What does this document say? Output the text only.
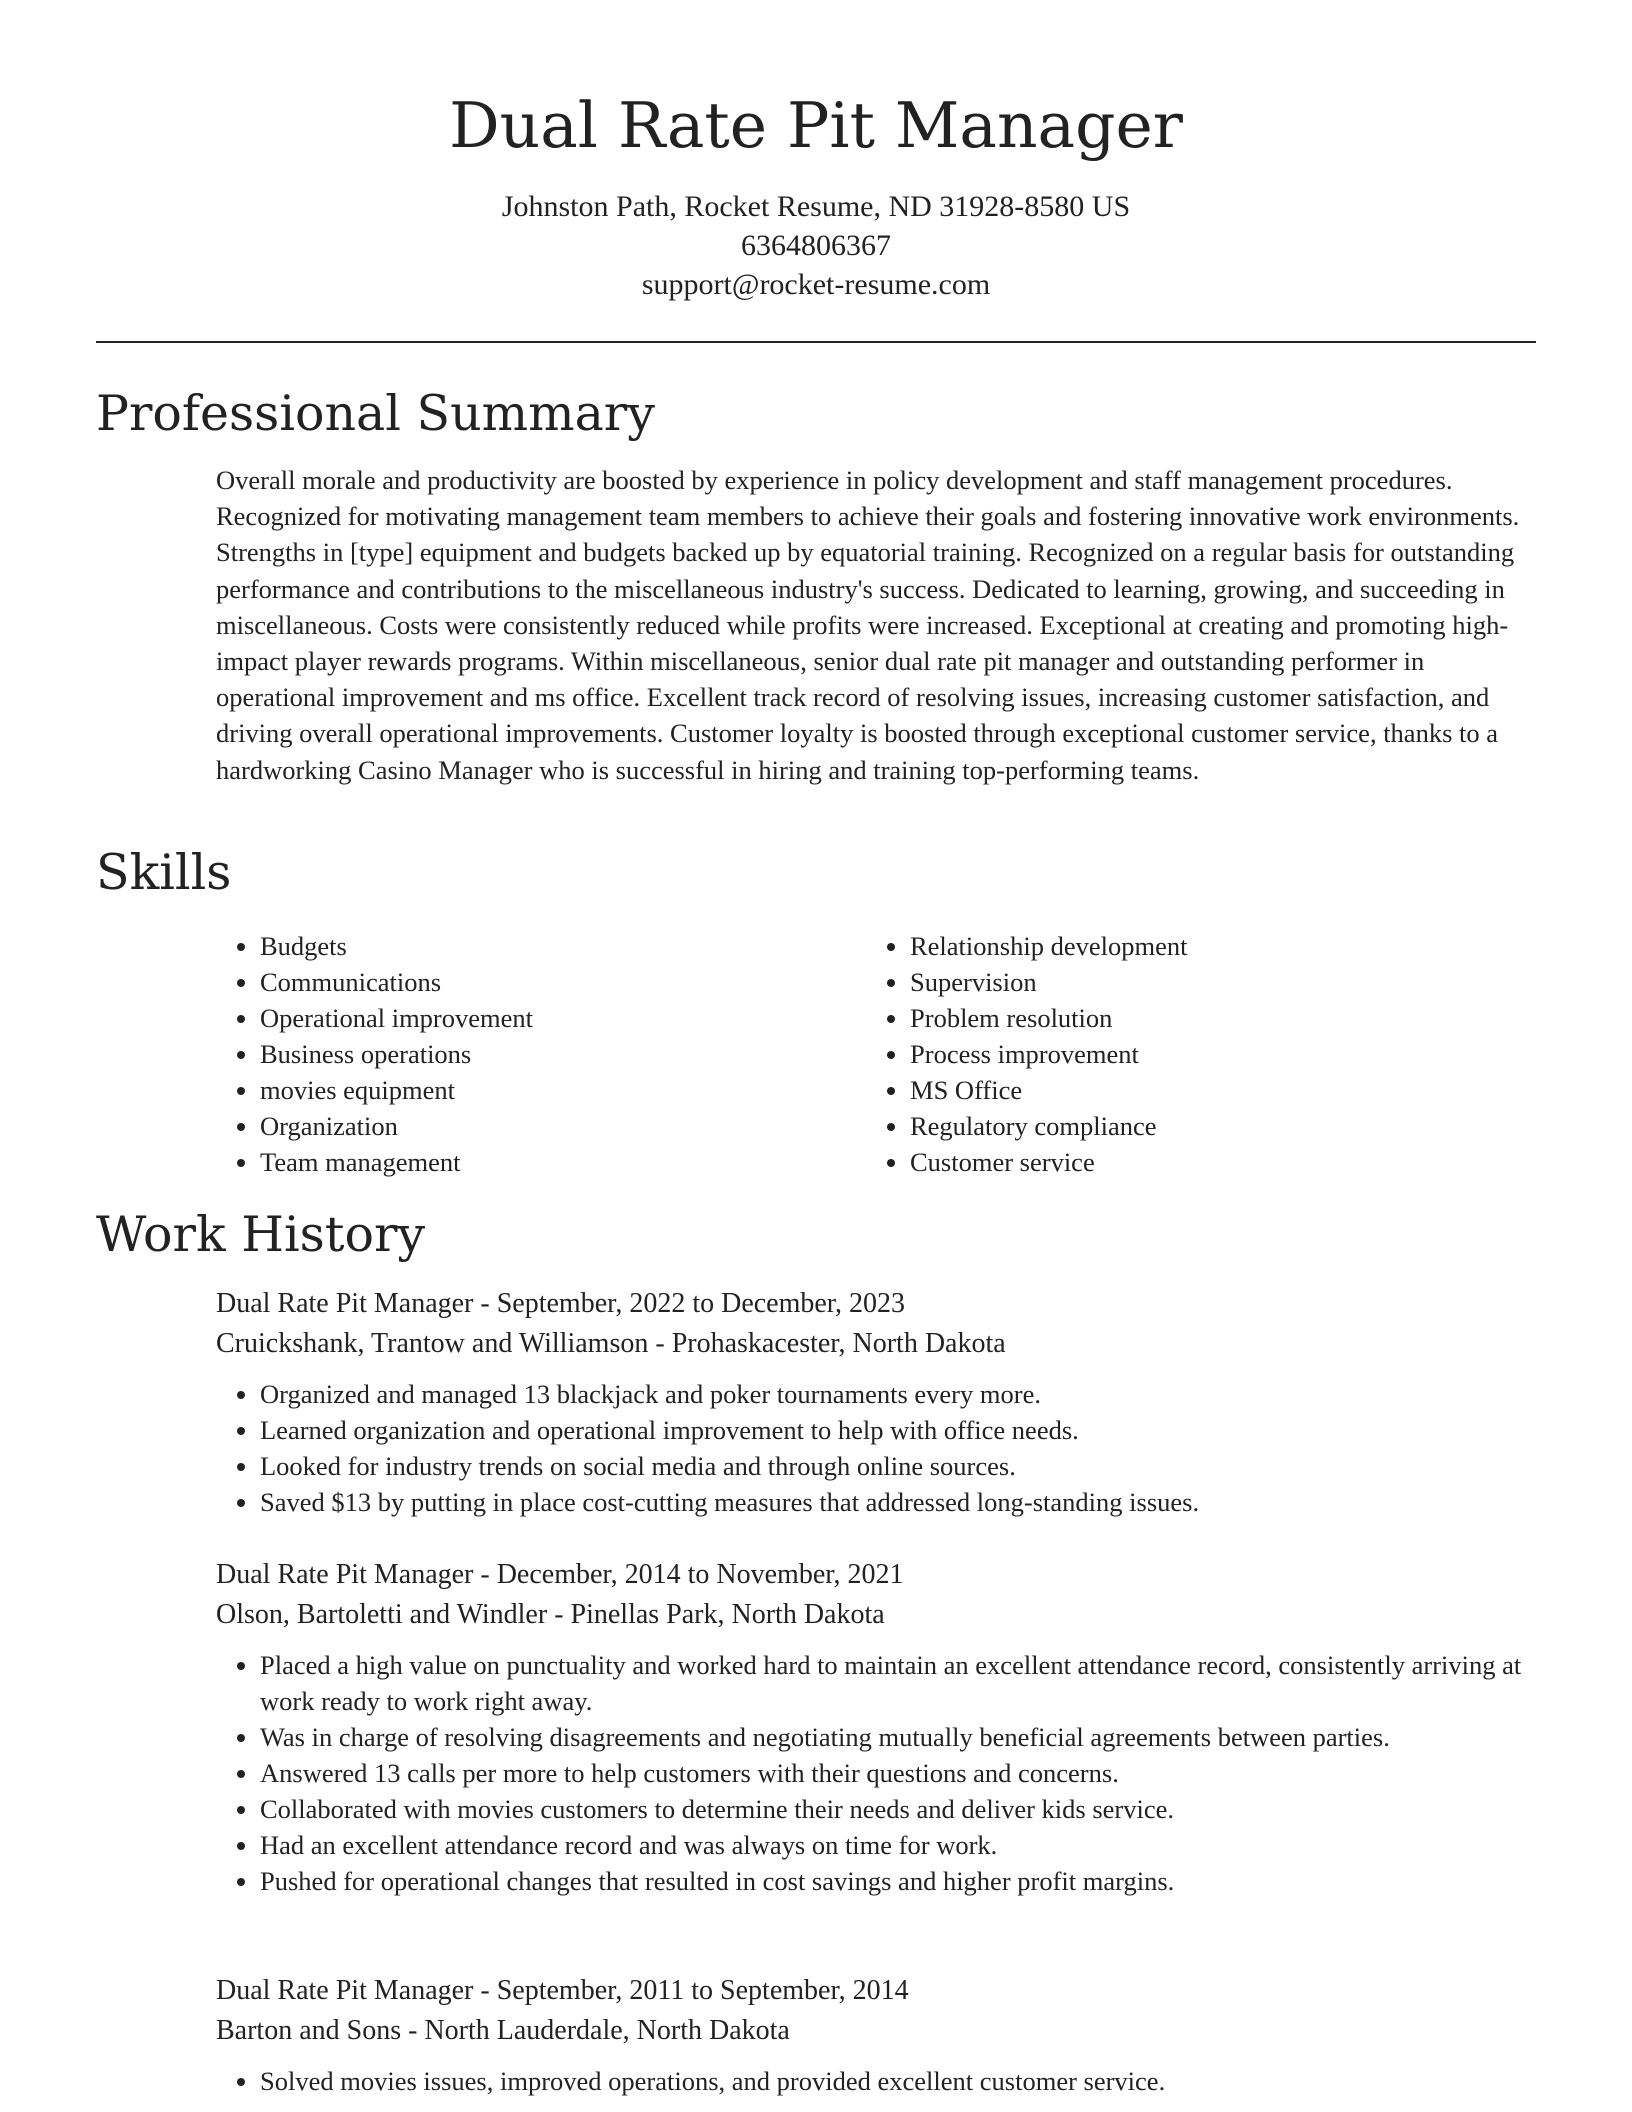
Dual Rate Pit Manager
Johnston Path, Rocket Resume, ND 31928-8580 US
6364806367
support@rocket-resume.com
Professional Summary

Overall morale and productivity are boosted by experience in policy development and staff management procedures. Recognized for motivating management team members to achieve their goals and fostering innovative work environments. Strengths in [type] equipment and budgets backed up by equatorial training. Recognized on a regular basis for outstanding performance and contributions to the miscellaneous industry's success. Dedicated to learning, growing, and succeeding in miscellaneous. Costs were consistently reduced while profits were increased. Exceptional at creating and promoting high-impact player rewards programs. Within miscellaneous, senior dual rate pit manager and outstanding performer in operational improvement and ms office. Excellent track record of resolving issues, increasing customer satisfaction, and driving overall operational improvements. Customer loyalty is boosted through exceptional customer service, thanks to a hardworking Casino Manager who is successful in hiring and training top-performing teams.

Skills
• Budgets
• Communications
• Operational improvement
• Business operations
• movies equipment
• Organization
• Team management
• Relationship development
• Supervision
• Problem resolution
• Process improvement
• MS Office
• Regulatory compliance
• Customer service
Work History

Dual Rate Pit Manager - September, 2022 to December, 2023

Cruickshank, Trantow and Williamson - Prohaskacester, North Dakota

• Organized and managed 13 blackjack and poker tournaments every more.
• Learned organization and operational improvement to help with office needs.
• Looked for industry trends on social media and through online sources.
• Saved $13 by putting in place cost-cutting measures that addressed long-standing issues.

Dual Rate Pit Manager - December, 2014 to November, 2021

Olson, Bartoletti and Windler - Pinellas Park, North Dakota

• Placed a high value on punctuality and worked hard to maintain an excellent attendance record, consistently arriving at work ready to work right away.
• Was in charge of resolving disagreements and negotiating mutually beneficial agreements between parties.
• Answered 13 calls per more to help customers with their questions and concerns.
• Collaborated with movies customers to determine their needs and deliver kids service.
• Had an excellent attendance record and was always on time for work.
• Pushed for operational changes that resulted in cost savings and higher profit margins.

Dual Rate Pit Manager - September, 2011 to September, 2014

Barton and Sons - North Lauderdale, North Dakota

• Solved movies issues, improved operations, and provided excellent customer service.
